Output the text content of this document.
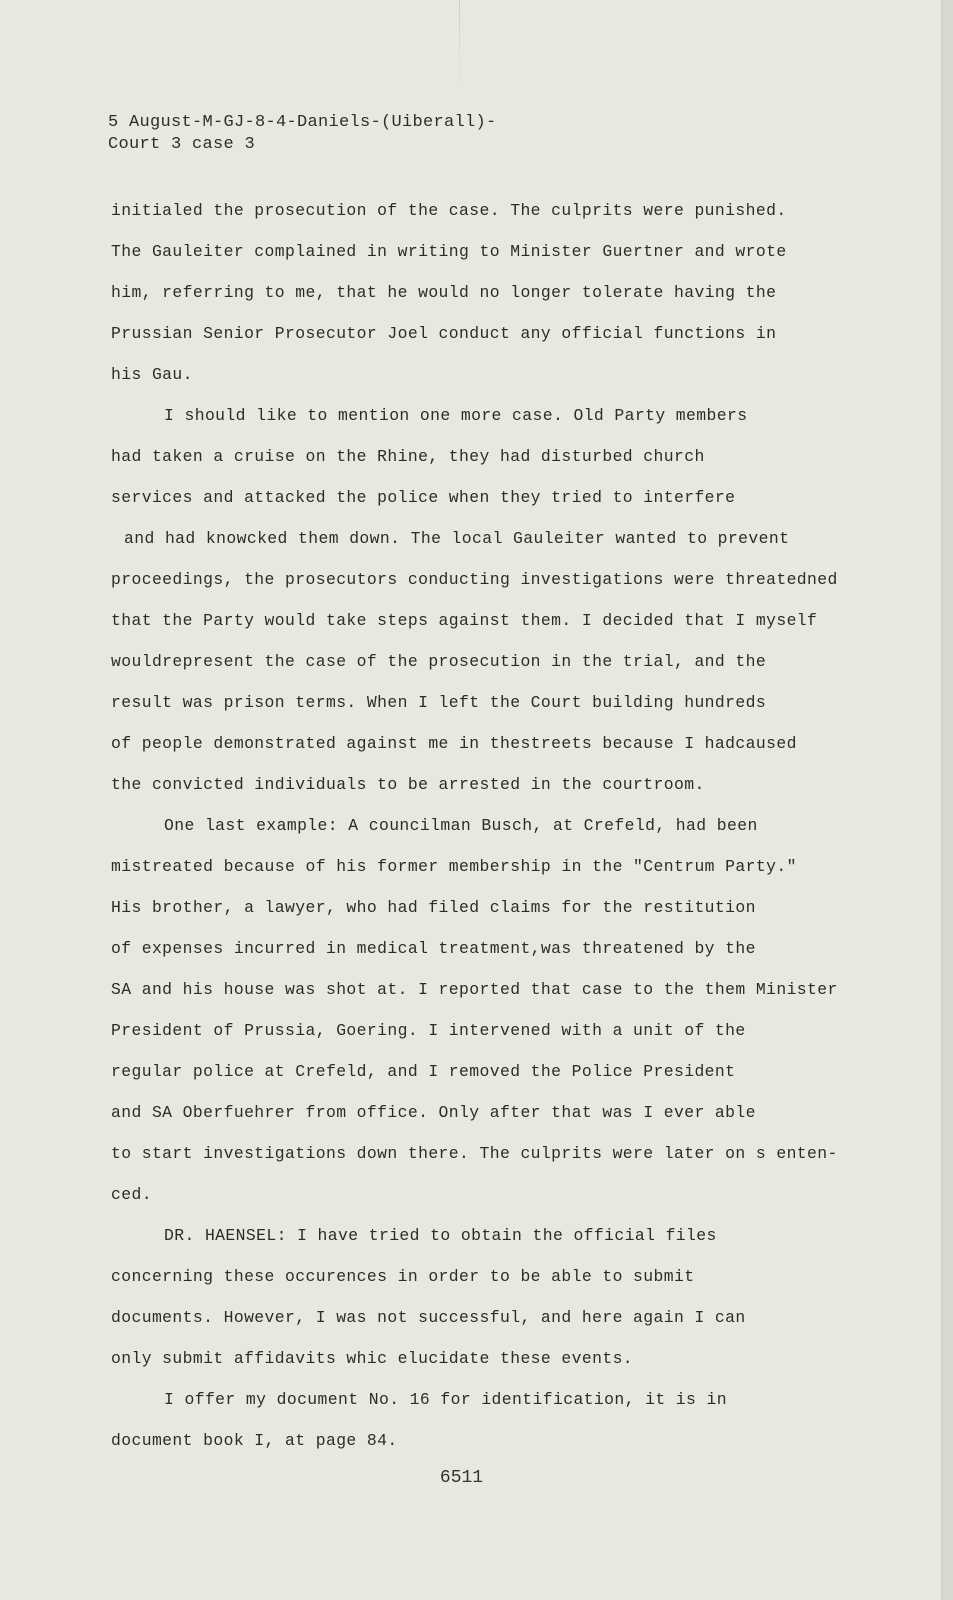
5 August-M-GJ-8-4-Daniels-(Uiberall)-
Court 3 case 3
initialed the prosecution of the case. The culprits were punished.
The Gauleiter complained in writing to Minister Guertner and wrote
him, referring to me, that he would no longer tolerate having the
Prussian Senior Prosecutor Joel conduct any official functions in
his Gau.
I should like to mention one more case. Old Party members
had taken a cruise on the Rhine, they had disturbed church
services and attacked the police when they tried to interfere
and had knowcked them down. The local Gauleiter wanted to prevent
proceedings, the prosecutors conducting investigations were threatedned
that the Party would take steps against them. I decided that I myself
wouldrepresent the case of the prosecution in the trial, and the
result was prison terms. When I left the Court building hundreds
of people demonstrated against me in thestreets because I hadcaused
the convicted individuals to be arrested in the courtroom.
One last example: A councilman Busch, at Crefeld, had been
mistreated because of his former membership in the "Centrum Party."
His brother, a lawyer, who had filed claims for the restitution
of expenses incurred in medical treatment,was threatened by the
SA and his house was shot at. I reported that case to the them Minister
President of Prussia, Goering. I intervened with a unit of the
regular police at Crefeld, and I removed the Police President
and SA Oberfuehrer from office. Only after that was I ever able
to start investigations down there. The culprits were later on s enten-
ced.
DR. HAENSEL: I have tried to obtain the official files
concerning these occurences in order to be able to submit
documents. However, I was not successful, and here again I can
only submit affidavits whic elucidate these events.
I offer my document No. 16 for identification, it is in
document book I, at page 84.
6511
